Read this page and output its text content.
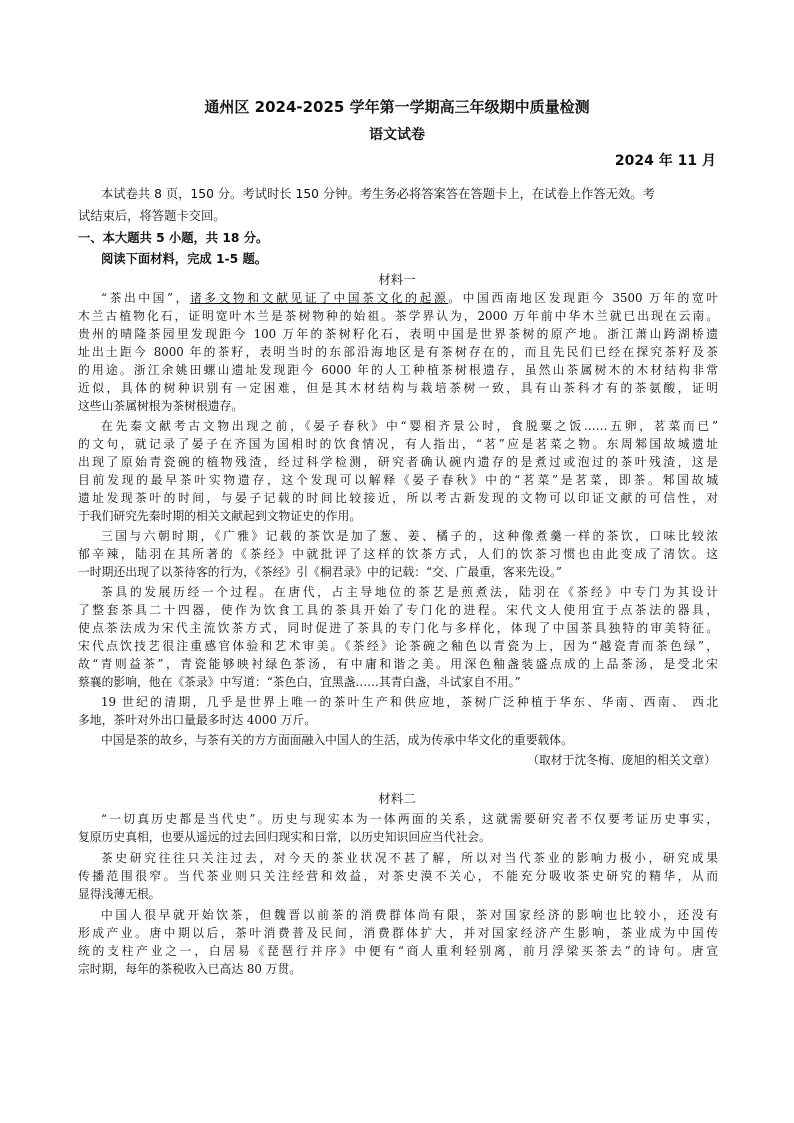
通州区 2024-2025 学年第一学期高三年级期中质量检测
语文试卷
2024 年 11 月
本试卷共 8 页，150 分。考试时长 150 分钟。考生务必将答案答在答题卡上，在试卷上作答无效。考
试结束后，将答题卡交回。
一、本大题共 5 小题，共 18 分。
阅读下面材料，完成 1-5 题。
材料一
“茶出中国”，诸多文物和文献见证了中国茶文化的起源。中国西南地区发现距今 3500 万年的宽叶
木兰古植物化石，证明宽叶木兰是茶树物种的始祖。茶学界认为，2000 万年前中华木兰就已出现在云南。
贵州的晴隆茶园里发现距今 100 万年的茶树籽化石，表明中国是世界茶树的原产地。浙江萧山跨湖桥遗
址出土距今 8000 年的茶籽，表明当时的东部沿海地区是有茶树存在的，而且先民们已经在探究茶籽及茶
的用途。浙江余姚田螺山遗址发现距今 6000 年的人工种植茶树根遗存，虽然山茶属树木的木材结构非常
近似，具体的树种识别有一定困难，但是其木材结构与栽培茶树一致，具有山茶科才有的茶氨酸，证明
这些山茶属树根为茶树根遗存。
在先秦文献考古文物出现之前，《晏子春秋》中“婴相齐景公时，食脱粟之饭……五卵，茗菜而已”
的文句，就记录了晏子在齐国为国相时的饮食情况，有人指出，“茗”应是茗菜之物。东周邾国故城遗址
出现了原始青瓷碗的植物残渣，经过科学检测，研究者确认碗内遗存的是煮过或泡过的茶叶残渣，这是
目前发现的最早茶叶实物遗存，这个发现可以解释《晏子春秋》中的“茗菜”是茗菜，即茶。邾国故城
遗址发现茶叶的时间，与晏子记载的时间比较接近，所以考古新发现的文物可以印证文献的可信性，对
于我们研究先秦时期的相关文献起到文物证史的作用。
三国与六朝时期，《广雅》记载的茶饮是加了葱、姜、橘子的，这种像煮羹一样的茶饮，口味比较浓
郁辛辣，陆羽在其所著的《茶经》中就批评了这样的饮茶方式，人们的饮茶习惯也由此变成了清饮。这
一时期还出现了以茶待客的行为，《茶经》引《桐君录》中的记载：“交、广最重，客来先设。”
茶具的发展历经一个过程。在唐代，占主导地位的茶艺是煎煮法，陆羽在《茶经》中专门为其设计
了整套茶具二十四器，使作为饮食工具的茶具开始了专门化的进程。宋代文人使用宜于点茶法的器具，
使点茶法成为宋代主流饮茶方式，同时促进了茶具的专门化与多样化，体现了中国茶具独特的审美特征。
宋代点饮技艺很注重感官体验和艺术审美。《茶经》论茶碗之釉色以青瓷为上，因为“越瓷青而茶色绿”，
故“青则益茶”，青瓷能够映衬绿色茶汤，有中庸和谐之美。用深色釉盏装盛点成的上品茶汤，是受北宋
蔡襄的影响，他在《茶录》中写道：“茶色白，宜黑盏……其青白盏，斗试家自不用。”
19 世纪的清期，几乎是世界上唯一的茶叶生产和供应地，茶树广泛种植于华东、华南、西南、 西北
多地，茶叶对外出口量最多时达 4000 万斤。
中国是茶的故乡，与茶有关的方方面面融入中国人的生活，成为传承中华文化的重要载体。
（取材于沈冬梅、庞旭的相关文章）
材料二
“一切真历史都是当代史”。历史与现实本为一体两面的关系，这就需要研究者不仅要考证历史事实，
复原历史真相，也要从遥远的过去回归现实和日常，以历史知识回应当代社会。
茶史研究往往只关注过去，对今天的茶业状况不甚了解，所以对当代茶业的影响力极小，研究成果
传播范围很窄。当代茶业则只关注经营和效益，对茶史漠不关心，不能充分吸收茶史研究的精华，从而
显得浅薄无根。
中国人很早就开始饮茶，但魏晋以前茶的消费群体尚有限，茶对国家经济的影响也比较小，还没有
形成产业。唐中期以后，茶叶消费普及民间，消费群体扩大，并对国家经济产生影响，茶业成为中国传
统的支柱产业之一，白居易《琵琶行并序》中便有“商人重利轻别离，前月浮梁买茶去”的诗句。唐宣
宗时期，每年的茶税收入已高达 80 万贯。
